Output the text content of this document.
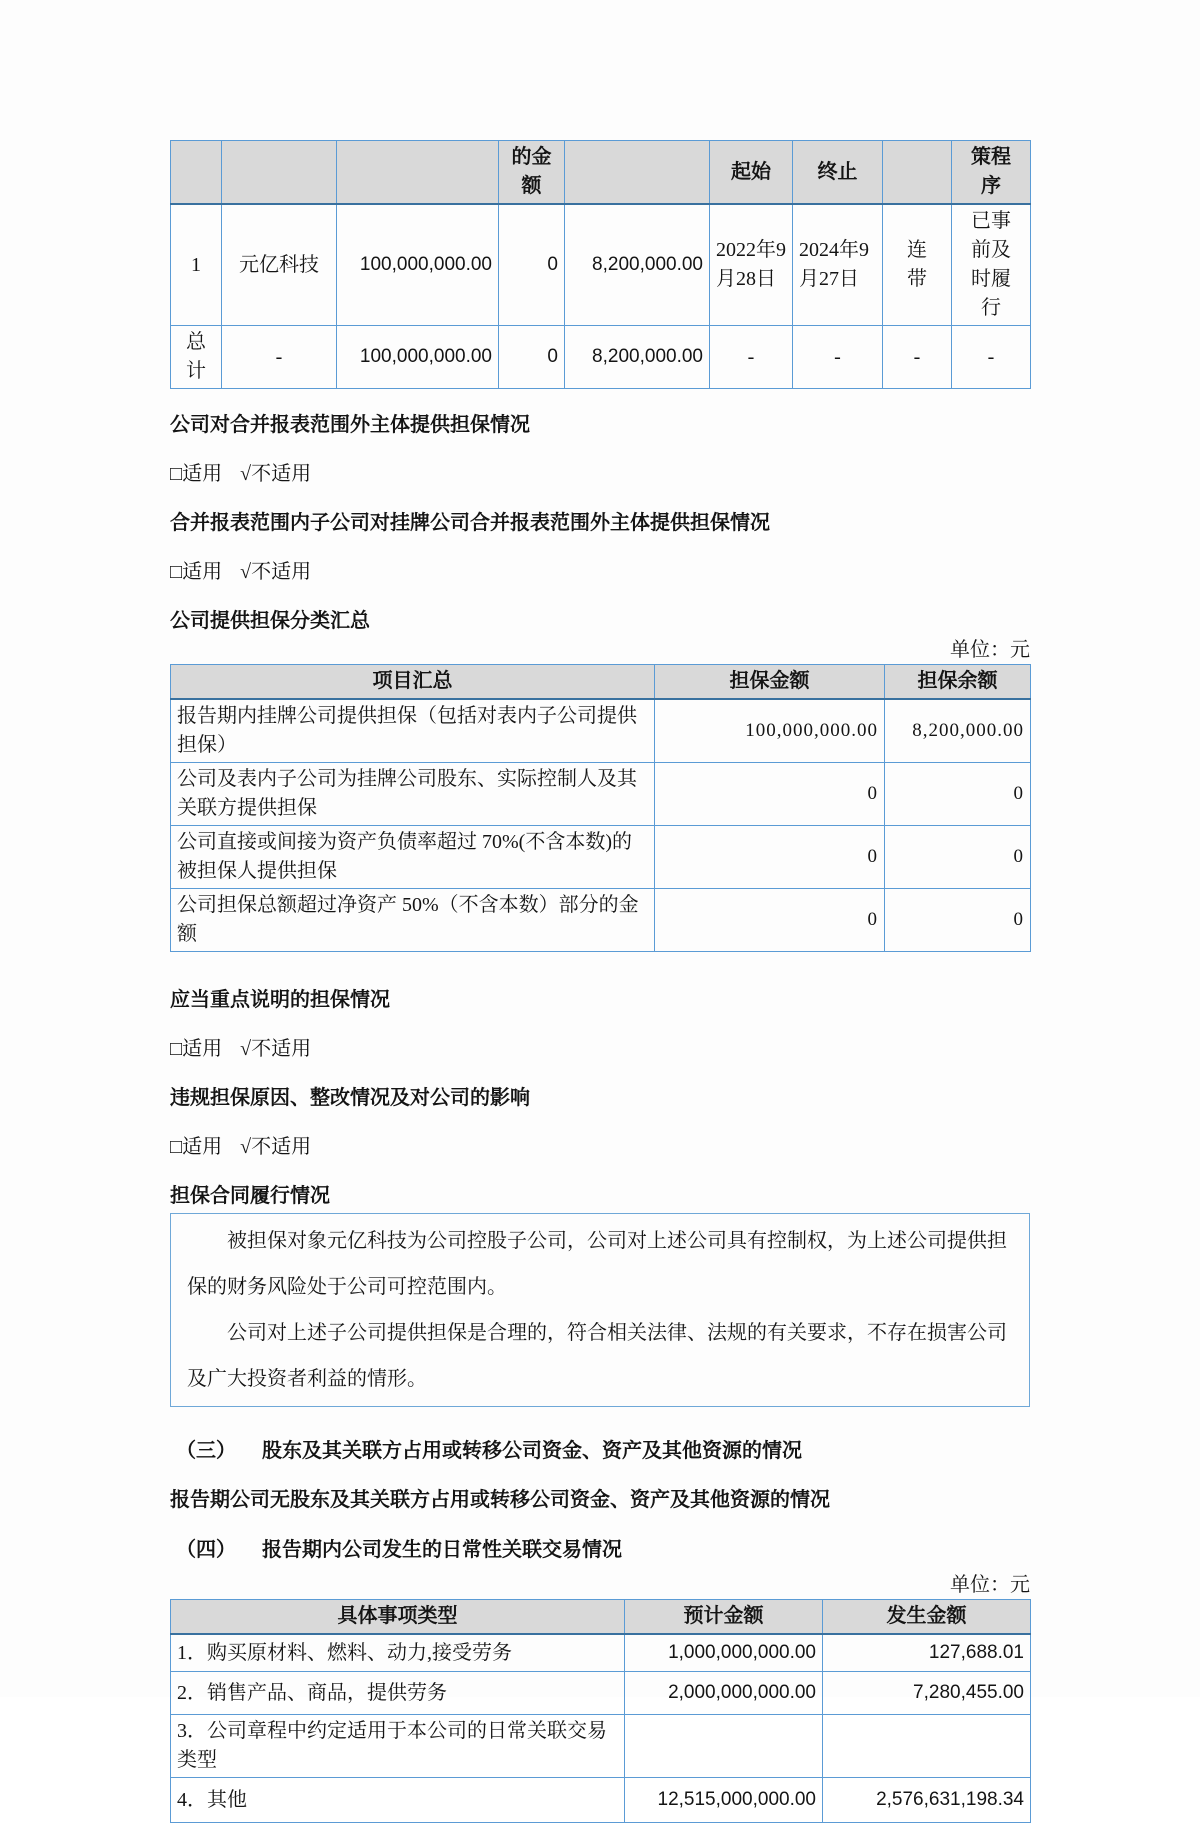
			的金额		起始	终止		策程序
1	元亿科技	100,000,000.00	0	8,200,000.00	2022年9月28日	2024年9月27日	连带	已事前及时履行
总计	-	100,000,000.00	0	8,200,000.00	-	-	-	-

公司对合并报表范围外主体提供担保情况

□适用 √不适用

合并报表范围内子公司对挂牌公司合并报表范围外主体提供担保情况

□适用 √不适用

公司提供担保分类汇总

单位：元

项目汇总	担保金额	担保余额
报告期内挂牌公司提供担保（包括对表内子公司提供担保）	100,000,000.00	8,200,000.00
公司及表内子公司为挂牌公司股东、实际控制人及其关联方提供担保	0	0
公司直接或间接为资产负债率超过 70%(不含本数)的被担保人提供担保	0	0
公司担保总额超过净资产 50%（不含本数）部分的金额	0	0

应当重点说明的担保情况

□适用 √不适用

违规担保原因、整改情况及对公司的影响

□适用 √不适用

担保合同履行情况

被担保对象元亿科技为公司控股子公司，公司对上述公司具有控制权，为上述公司提供担保的财务风险处于公司可控范围内。

公司对上述子公司提供担保是合理的，符合相关法律、法规的有关要求，不存在损害公司及广大投资者利益的情形。

（三） 股东及其关联方占用或转移公司资金、资产及其他资源的情况

报告期公司无股东及其关联方占用或转移公司资金、资产及其他资源的情况

（四） 报告期内公司发生的日常性关联交易情况

单位：元

具体事项类型	预计金额	发生金额
1．购买原材料、燃料、动力,接受劳务	1,000,000,000.00	127,688.01
2．销售产品、商品，提供劳务	2,000,000,000.00	7,280,455.00
3．公司章程中约定适用于本公司的日常关联交易类型		
4．其他	12,515,000,000.00	2,576,631,198.34
